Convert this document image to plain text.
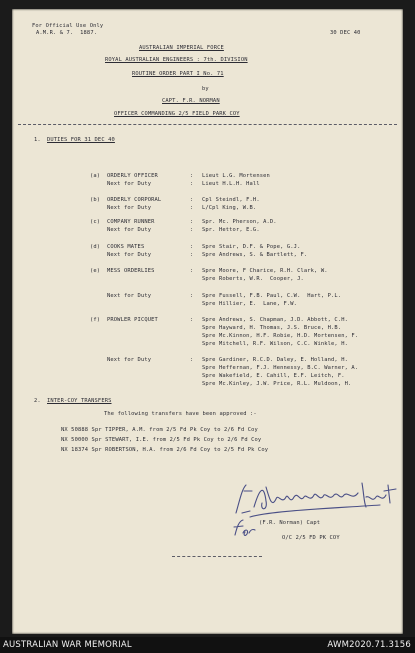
For Official Use Only
A.M.R. & 7.  1887.	30 DEC 40
AUSTRALIAN IMPERIAL FORCE
ROYAL AUSTRALIAN ENGINEERS : 7th. DIVISION
ROUTINE ORDER PART I No. 71
by
CAPT. F.R. NORMAN
OFFICER COMMANDING 2/5 FIELD PARK COY
1. DUTIES FOR 31 DEC 40
(a) ORDERLY OFFICER	: Lieut L.G. Mortensen
Next for Duty	: Lieut H.L.H. Hall
(b) ORDERLY CORPORAL	: Cpl Steindl, F.H.
Next for Duty	: L/Cpl King, W.B.
(c) COMPANY RUNNER	: Spr. Mc. Pherson, A.D.
Next for Duty	: Spr. Hettor, E.G.
(d) COOKS MATES	: Spre Stair, D.F. & Pope, G.J.
Next for Duty	: Spre Andrews, S. & Bartlett, F.
(e) MESS ORDERLIES	: Spre Moore, F Charice, R.H. Clark, W.
Spre Roberts, W.R.  Cooper, J.
Next for Duty	: Spre Fussell, F.B. Paul, C.W.  Hart, P.L.
Spre Hillier, E.  Lane, F.W.
(f) PROWLER PICQUET	: Spre Andrews, S. Chapman, J.D. Abbott, C.H.
Spre Hayward, H. Thomas, J.S. Bruce, H.B.
Spre Mc.Kinnon, H.F. Robie, H.D. Mortensen, F.
Spre Mitchell, R.F. Wilson, C.C. Winkle, H.
Next for Duty	: Spre Gardiner, R.C.D. Daley, E. Holland, H.
Spre Heffernan, F.J. Hennessy, B.C. Warner, A.
Spre Wakefield, E. Cahill, E.F. Leitch, F.
Spre Mc.Kinley, J.W. Price, R.L. Muldoon, H.
2. INTER-COY TRANSFERS
The following transfers have been approved :-
NX 50888 Spr TIPPER, A.M. from 2/5 Fd Pk Coy to 2/6 Fd Coy
NX 50000 Spr STEWART, I.E. from 2/5 Fd Pk Coy to 2/6 Fd Coy
NX 18374 Spr ROBERTSON, H.A. from 2/6 Fd Coy to 2/5 Fd Pk Coy
(F.R. Norman) Capt
O/C 2/5 FD PK COY
AUSTRALIAN WAR MEMORIAL	AWM2020.71.3156
